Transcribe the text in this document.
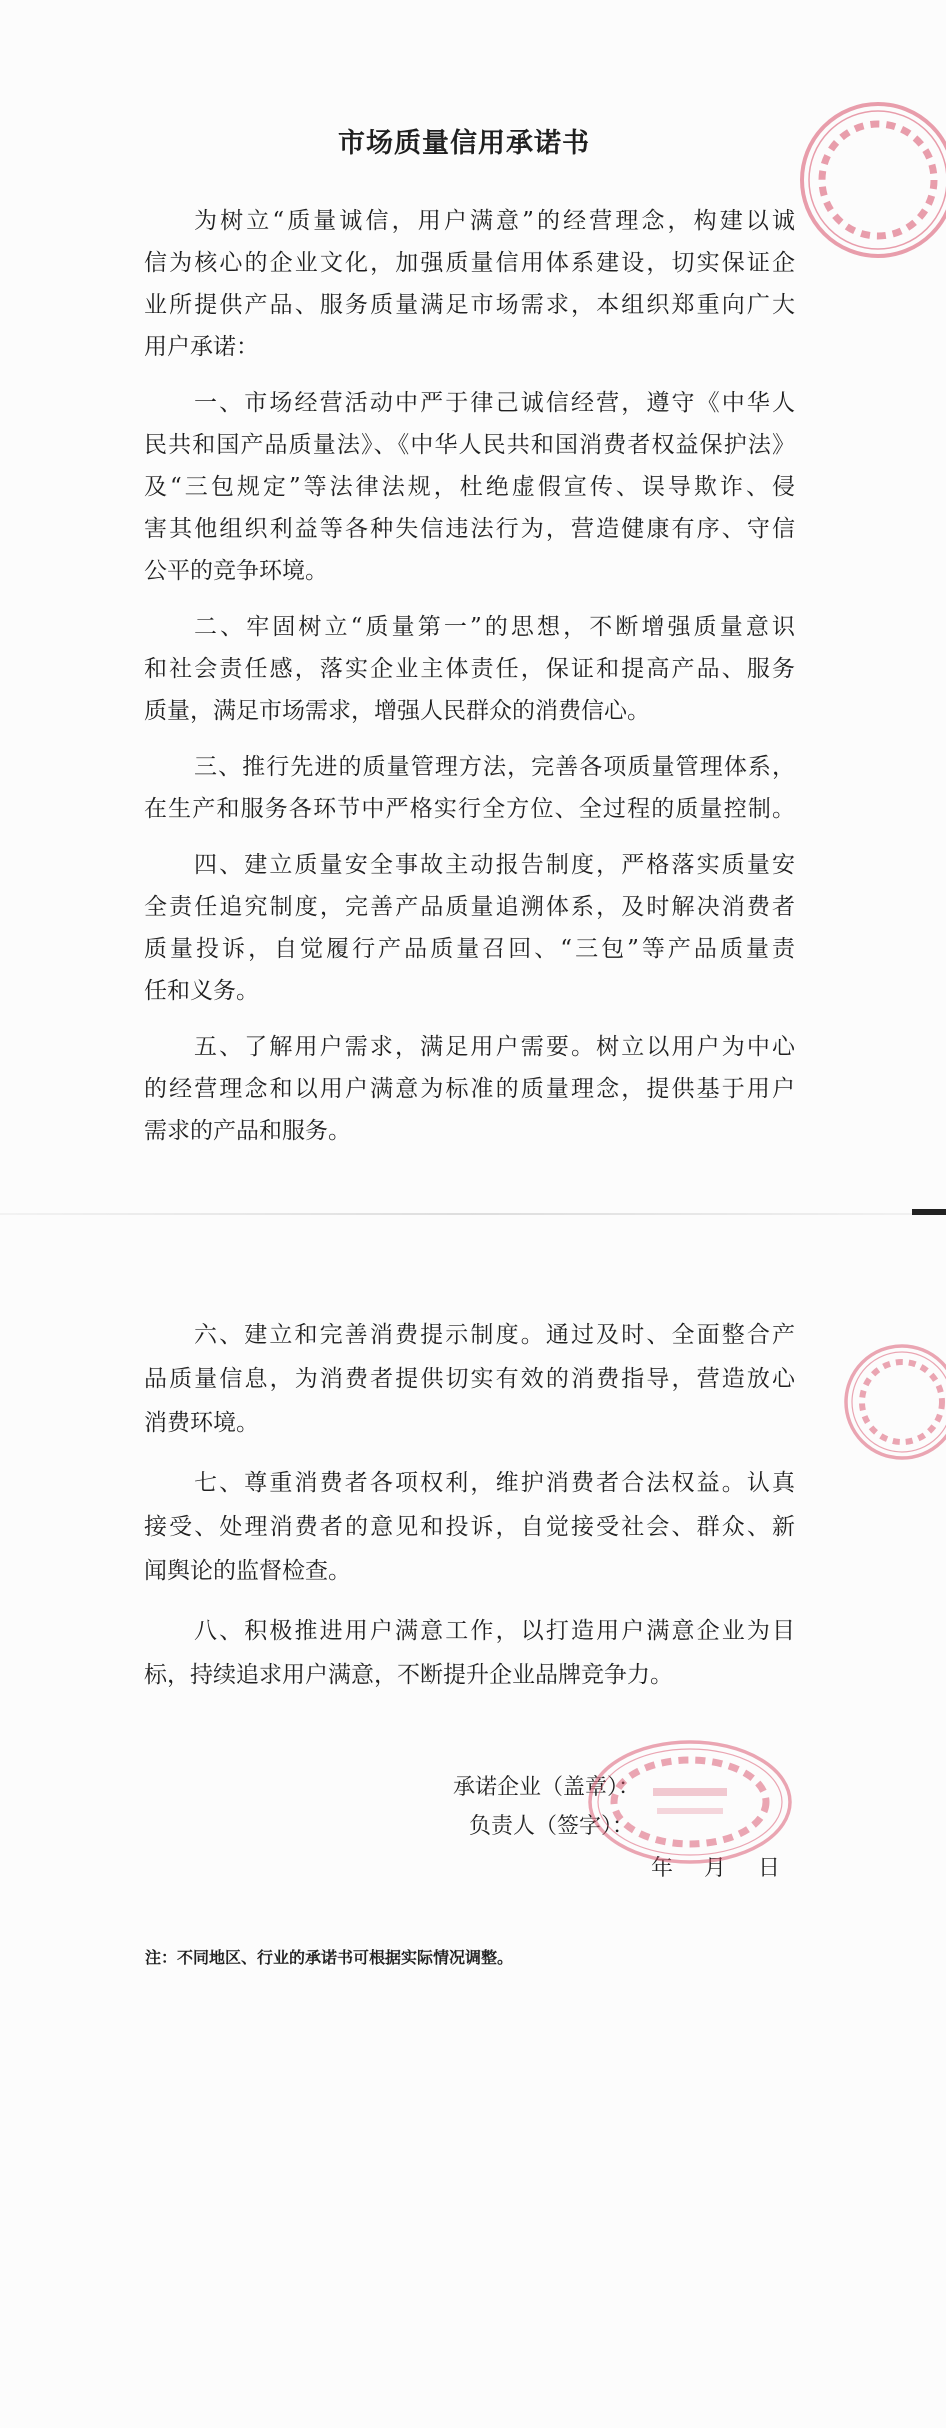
市场质量信用承诺书
为树立“质量诚信，用户满意”的经营理念，构建以诚
信为核心的企业文化，加强质量信用体系建设，切实保证企
业所提供产品、服务质量满足市场需求，本组织郑重向广大
用户承诺：
一、市场经营活动中严于律己诚信经营，遵守《中华人
民共和国产品质量法》、《中华人民共和国消费者权益保护法》
及“三包规定”等法律法规，杜绝虚假宣传、误导欺诈、侵
害其他组织利益等各种失信违法行为，营造健康有序、守信
公平的竞争环境。
二、牢固树立“质量第一”的思想，不断增强质量意识
和社会责任感，落实企业主体责任，保证和提高产品、服务
质量，满足市场需求，增强人民群众的消费信心。
三、推行先进的质量管理方法，完善各项质量管理体系，
在生产和服务各环节中严格实行全方位、全过程的质量控制。
四、建立质量安全事故主动报告制度，严格落实质量安
全责任追究制度，完善产品质量追溯体系，及时解决消费者
质量投诉，自觉履行产品质量召回、“三包”等产品质量责
任和义务。
五、了解用户需求，满足用户需要。树立以用户为中心
的经营理念和以用户满意为标准的质量理念，提供基于用户
需求的产品和服务。
六、建立和完善消费提示制度。通过及时、全面整合产
品质量信息，为消费者提供切实有效的消费指导，营造放心
消费环境。
七、尊重消费者各项权利，维护消费者合法权益。认真
接受、处理消费者的意见和投诉，自觉接受社会、群众、新
闻舆论的监督检查。
八、积极推进用户满意工作，以打造用户满意企业为目
标，持续追求用户满意，不断提升企业品牌竞争力。
承诺企业（盖章）：
负责人（签字）：
年 月 日
注：不同地区、行业的承诺书可根据实际情况调整。
